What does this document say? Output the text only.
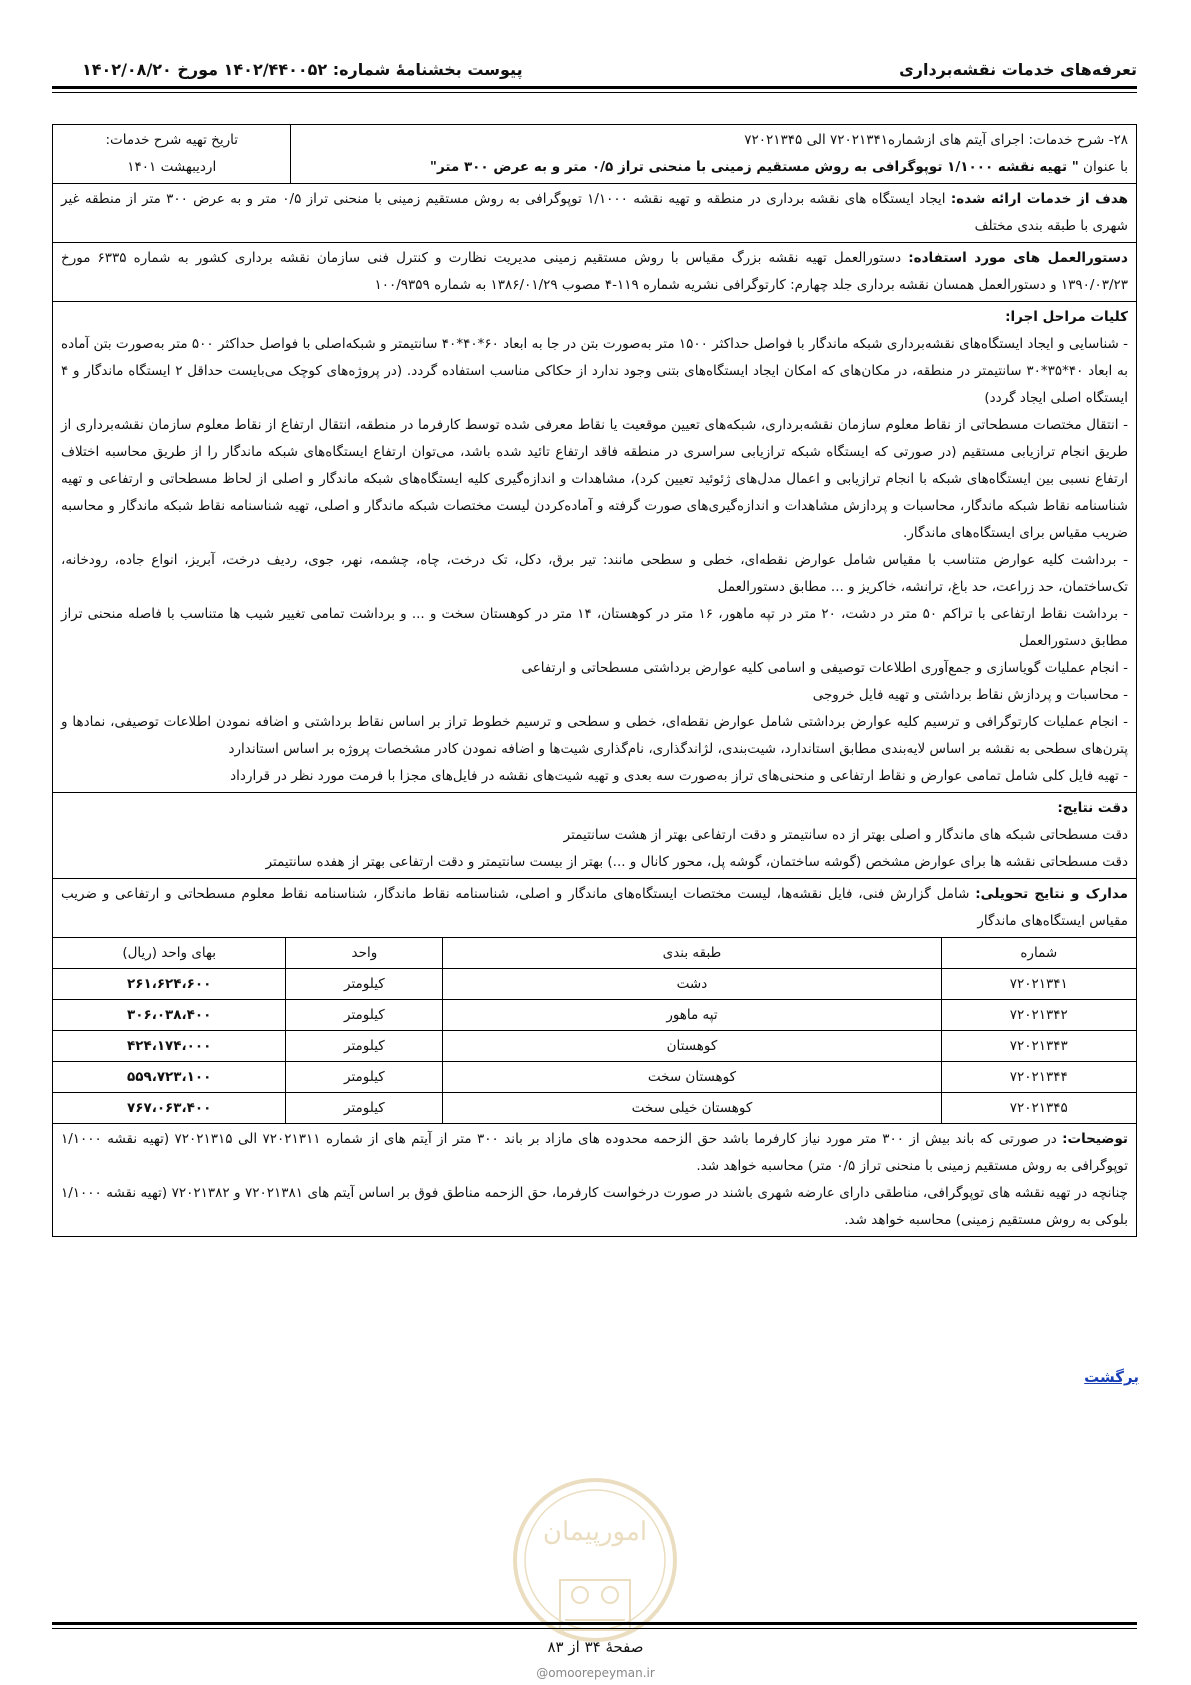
تعرفه‌های خدمات نقشه‌برداری
پیوست بخشنامهٔ شماره: ۱۴۰۲/۴۴۰۰۵۲ مورخ ۱۴۰۲/۰۸/۲۰
۲۸- شرح خدمات: اجرای آیتم های ازشماره۷۲۰۲۱۳۴۱ الی ۷۲۰۲۱۳۴۵
با عنوان " تهیه نقشه ۱/۱۰۰۰ توپوگرافی به روش مستقیم زمینی با منحنی تراز ۰/۵ متر و به عرض ۳۰۰ متر"

تاریخ تهیه شرح خدمات:
اردیبهشت ۱۴۰۱

هدف از خدمات ارائه شده: ایجاد ایستگاه های نقشه برداری در منطقه و تهیه نقشه ۱/۱۰۰۰ توپوگرافی به روش مستقیم زمینی با منحنی تراز ۰/۵ متر و به عرض ۳۰۰ متر از منطقه غیر شهری با طبقه بندی مختلف
دستورالعمل های مورد استفاده: دستورالعمل تهیه نقشه بزرگ مقیاس با روش مستقیم زمینی مدیریت نظارت و کنترل فنی سازمان نقشه برداری کشور به شماره ۶۳۳۵ مورخ ۱۳۹۰/۰۳/۲۳ و دستورالعمل همسان نقشه برداری جلد چهارم: کارتوگرافی نشریه شماره ۱۱۹-۴ مصوب ۱۳۸۶/۰۱/۲۹ به شماره ۱۰۰/۹۳۵۹

کلیات مراحل اجرا:
- شناسایی و ایجاد ایستگاه‌های نقشه‌برداری شبکه ماندگار با فواصل حداکثر ۱۵۰۰ متر به‌صورت بتن در جا به ابعاد ۶۰*۴۰*۴۰ سانتیمتر و شبکه‌اصلی با فواصل حداکثر ۵۰۰ متر به‌صورت بتن آماده به ابعاد ۴۰*۳۵*۳۰ سانتیمتر در منطقه، در مکان‌های که امکان ایجاد ایستگاه‌های بتنی وجود ندارد از حکاکی مناسب استفاده گردد. (در پروژه‌های کوچک می‌بایست حداقل ۲ ایستگاه ماندگار و ۴ ایستگاه اصلی ایجاد گردد)
- انتقال مختصات مسطحاتی از نقاط معلوم سازمان نقشه‌برداری، شبکه‌های تعیین موقعیت یا نقاط معرفی شده توسط کارفرما در منطقه، انتقال ارتفاع از نقاط معلوم سازمان نقشه‌برداری از طریق انجام ترازیابی مستقیم (در صورتی که ایستگاه شبکه ترازیابی سراسری در منطقه فاقد ارتفاع تائید شده باشد، می‌توان ارتفاع ایستگاه‌های شبکه ماندگار را از طریق محاسبه اختلاف ارتفاع نسبی بین ایستگاه‌های شبکه با انجام ترازیابی و اعمال مدل‌های ژئوئید تعیین کرد)، مشاهدات و اندازه‌گیری کلیه ایستگاه‌های شبکه ماندگار و اصلی از لحاظ مسطحاتی و ارتفاعی و تهیه شناسنامه نقاط شبکه ماندگار، محاسبات و پردازش مشاهدات و اندازه‌گیری‌های صورت گرفته و آماده‌کردن لیست مختصات شبکه ماندگار و اصلی، تهیه شناسنامه نقاط شبکه ماندگار و محاسبه ضریب مقیاس برای ایستگاه‌های ماندگار.
- برداشت کلیه عوارض متناسب با مقیاس شامل عوارض نقطه‌ای، خطی و سطحی مانند: تیر برق، دکل، تک درخت، چاه، چشمه، نهر، جوی، ردیف درخت، آبریز، انواع جاده، رودخانه، تک‌ساختمان، حد زراعت، حد باغ، ترانشه، خاکریز و ... مطابق دستورالعمل
- برداشت نقاط ارتفاعی با تراکم ۵۰ متر در دشت، ۲۰ متر در تپه ماهور، ۱۶ متر در کوهستان، ۱۴ متر در کوهستان سخت و ... و برداشت تمامی تغییر شیب ها متناسب با فاصله منحنی تراز مطابق دستورالعمل
- انجام عملیات گویاسازی و جمع‌آوری اطلاعات توصیفی و اسامی کلیه عوارض برداشتی مسطحاتی و ارتفاعی
- محاسبات و پردازش نقاط برداشتی و تهیه فایل خروجی
- انجام عملیات کارتوگرافی و ترسیم کلیه عوارض برداشتی شامل عوارض نقطه‌ای، خطی و سطحی و ترسیم خطوط تراز بر اساس نقاط برداشتی و اضافه نمودن اطلاعات توصیفی، نمادها و پترن‌های سطحی به نقشه بر اساس لایه‌بندی مطابق استاندارد، شیت‌بندی، لژاندگذاری، نام‌گذاری شیت‌ها و اضافه نمودن کادر مشخصات پروژه بر اساس استاندارد
- تهیه فایل کلی شامل تمامی عوارض و نقاط ارتفاعی و منحنی‌های تراز به‌صورت سه بعدی و تهیه شیت‌های نقشه در فایل‌های مجزا با فرمت مورد نظر در قرارداد

دقت نتایج:
دقت مسطحاتی شبکه های ماندگار و اصلی بهتر از ده سانتیمتر و دقت ارتفاعی بهتر از هشت سانتیمتر
دقت مسطحاتی نقشه ها برای عوارض مشخص (گوشه ساختمان، گوشه پل، محور کانال و ...) بهتر از بیست سانتیمتر و دقت ارتفاعی بهتر از هفده سانتیمتر

مدارک و نتایج تحویلی: شامل گزارش فنی، فایل نقشه‌ها، لیست مختصات ایستگاه‌های ماندگار و اصلی، شناسنامه نقاط ماندگار، شناسنامه نقاط معلوم مسطحاتی و ارتفاعی و ضریب مقیاس ایستگاه‌های ماندگار

شماره	طبقه بندی	واحد	بهای واحد (ریال)
۷۲۰۲۱۳۴۱	دشت	کیلومتر	۲۶۱،۶۲۴،۶۰۰
۷۲۰۲۱۳۴۲	تپه ماهور	کیلومتر	۳۰۶،۰۳۸،۴۰۰
۷۲۰۲۱۳۴۳	کوهستان	کیلومتر	۴۲۴،۱۷۴،۰۰۰
۷۲۰۲۱۳۴۴	کوهستان سخت	کیلومتر	۵۵۹،۷۲۳،۱۰۰
۷۲۰۲۱۳۴۵	کوهستان خیلی سخت	کیلومتر	۷۶۷،۰۶۳،۴۰۰

توضیحات: در صورتی که باند بیش از ۳۰۰ متر مورد نیاز کارفرما باشد حق الزحمه محدوده های مازاد بر باند ۳۰۰ متر از آیتم های از شماره ۷۲۰۲۱۳۱۱ الی ۷۲۰۲۱۳۱۵ (تهیه نقشه ۱/۱۰۰۰ توپوگرافی به روش مستقیم زمینی با منحنی تراز ۰/۵ متر) محاسبه خواهد شد.
چنانچه در تهیه نقشه های توپوگرافی، مناطقی دارای عارضه شهری باشند در صورت درخواست کارفرما، حق الزحمه مناطق فوق بر اساس آیتم های ۷۲۰۲۱۳۸۱ و ۷۲۰۲۱۳۸۲ (تهیه نقشه ۱/۱۰۰۰ بلوکی به روش مستقیم زمینی) محاسبه خواهد شد.
برگشت
امورپیمان
صفحهٔ ۳۴ از ۸۳
@omoorepeyman.ir
